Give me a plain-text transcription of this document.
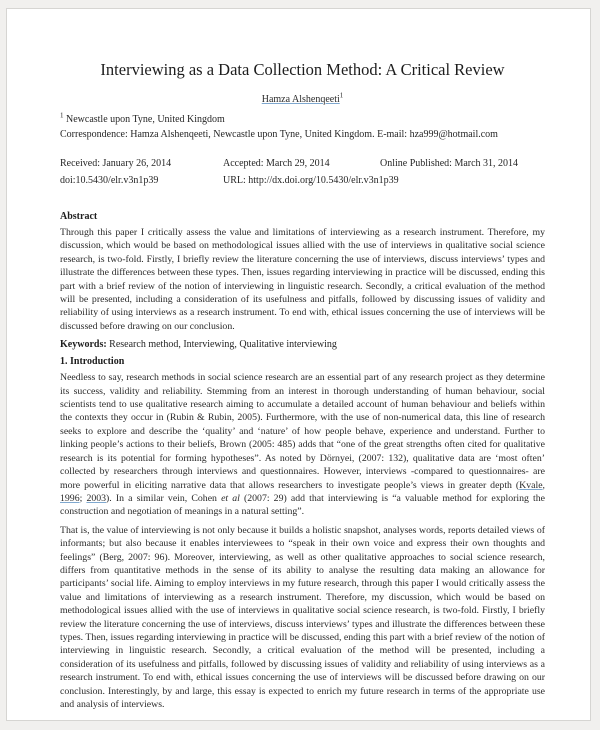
Interviewing as a Data Collection Method: A Critical Review
Hamza Alshenqeeti$^1$
$^1$ Newcastle upon Tyne, United Kingdom
Correspondence: Hamza Alshenqeeti, Newcastle upon Tyne, United Kingdom. E-mail: hza999@hotmail.com
Received: January 26, 2014	Accepted: March 29, 2014	Online Published: March 31, 2014
doi:10.5430/elr.v3n1p39	URL: http://dx.doi.org/10.5430/elr.v3n1p39
Abstract

Through this paper I critically assess the value and limitations of interviewing as a research instrument. Therefore, my discussion, which would be based on methodological issues allied with the use of interviews in qualitative social science research, is two-fold. Firstly, I briefly review the literature concerning the use of interviews, discuss interviews’ types and illustrate the differences between these types. Then, issues regarding interviewing in practice will be discussed, ending this part with a brief review of the notion of interviewing in linguistic research. Secondly, a critical evaluation of the method will be presented, including a consideration of its usefulness and pitfalls, followed by discussing issues of validity and reliability of using interviews as a research instrument. To end with, ethical issues concerning the use of interviews will be discussed before drawing on our conclusion.

Keywords: Research method, Interviewing, Qualitative interviewing
1. Introduction

Needless to say, research methods in social science research are an essential part of any research project as they determine its success, validity and reliability. Stemming from an interest in thorough understanding of human behaviour, social scientists tend to use qualitative research aiming to accumulate a detailed account of human behaviour and beliefs within the contexts they occur in (Rubin & Rubin, 2005). Furthermore, with the use of non-numerical data, this line of research seeks to explore and describe the ‘quality’ and ‘nature’ of how people behave, experience and understand. Further to linking people’s actions to their beliefs, Brown (2005: 485) adds that “one of the great strengths often cited for qualitative research is its potential for forming hypotheses”. As noted by Dörnyei, (2007: 132), qualitative data are ‘most often’ collected by researchers through interviews and questionnaires. However, interviews -compared to questionnaires- are more powerful in eliciting narrative data that allows researchers to investigate people’s views in greater depth (Kvale, 1996; 2003). In a similar vein, Cohen et al (2007: 29) add that interviewing is “a valuable method for exploring the construction and negotiation of meanings in a natural setting”.

That is, the value of interviewing is not only because it builds a holistic snapshot, analyses words, reports detailed views of informants; but also because it enables interviewees to “speak in their own voice and express their own thoughts and feelings” (Berg, 2007: 96). Moreover, interviewing, as well as other qualitative approaches to social science research, differs from quantitative methods in the sense of its ability to analyse the resulting data making an allowance for participants’ social life. Aiming to employ interviews in my future research, through this paper I would critically assess the value and limitations of interviewing as a research instrument. Therefore, my discussion, which would be based on methodological issues allied with the use of interviews in qualitative social science research, is two-fold. Firstly, I briefly review the literature concerning the use of interviews, discuss interviews’ types and illustrate the differences between these types. Then, issues regarding interviewing in practice will be discussed, ending this part with a brief review of the notion of interviewing in linguistic research. Secondly, a critical evaluation of the method will be presented, including a consideration of its usefulness and pitfalls, followed by discussing issues of validity and reliability of using interviews as a research instrument. To end with, ethical issues concerning the use of interviews will be discussed before drawing on our conclusion. Interestingly, by and large, this essay is expected to enrich my future research in terms of the appropriate use and analysis of interviews.
